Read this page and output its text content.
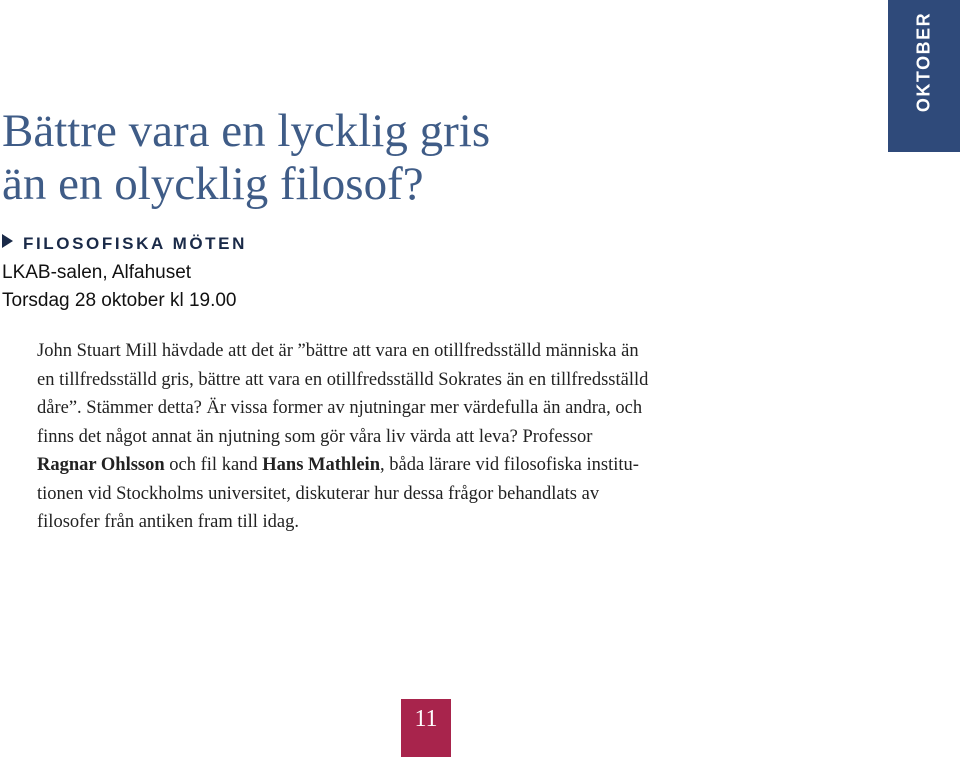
OKTOBER
Bättre vara en lycklig gris
än en olycklig filosof?
FILOSOFISKA MÖTEN
LKAB-salen, Alfahuset
Torsdag 28 oktober kl 19.00
John Stuart Mill hävdade att det är ”bättre att vara en otillfredsställd människa än
en tillfredsställd gris, bättre att vara en otillfredsställd Sokrates än en tillfredsställd
dåre”. Stämmer detta? Är vissa former av njutningar mer värdefulla än andra, och
finns det något annat än njutning som gör våra liv värda att leva? Professor
Ragnar Ohlsson och fil kand Hans Mathlein, båda lärare vid filosofiska institu-
tionen vid Stockholms universitet, diskuterar hur dessa frågor behandlats av
filosofer från antiken fram till idag.
11
